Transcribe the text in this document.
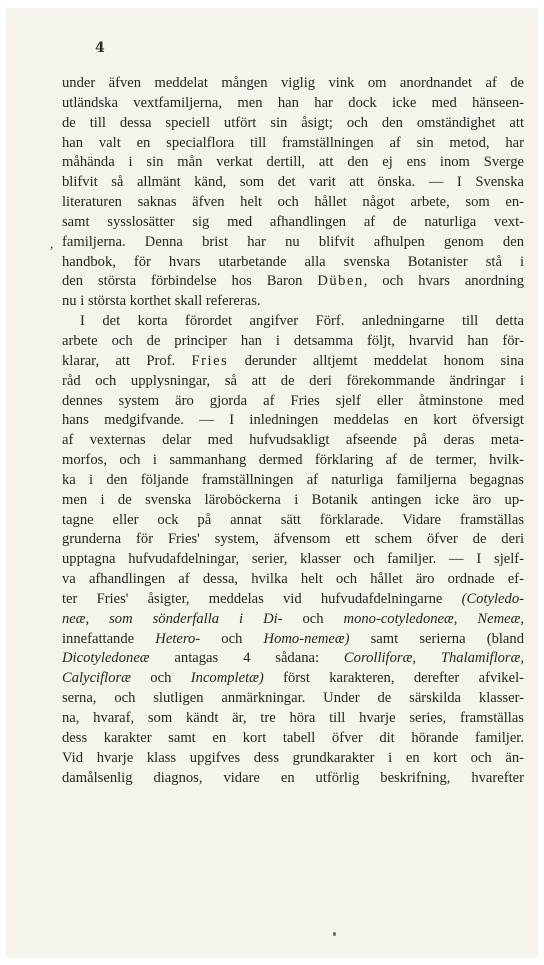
4
,
under äfven meddelat mången viglig vink om anordnandet af de
utländska vextfamiljerna, men han har dock icke med hänseen-
de till dessa speciell utfört sin åsigt; och den omständighet att
han valt en specialflora till framställningen af sin metod, har
måhända i sin mån verkat dertill, att den ej ens inom Sverge
blifvit så allmänt känd, som det varit att önska. — I Svenska
literaturen saknas äfven helt och hållet något arbete, som en-
samt sysslosätter sig med afhandlingen af de naturliga vext-
familjerna. Denna brist har nu blifvit afhulpen genom den
handbok, för hvars utarbetande alla svenska Botanister stå i
den största förbindelse hos Baron Düben, och hvars anordning
nu i största korthet skall refereras.
I det korta förordet angifver Förf. anledningarne till detta
arbete och de principer han i detsamma följt, hvarvid han för-
klarar, att Prof. Fries derunder alltjemt meddelat honom sina
råd och upplysningar, så att de deri förekommande ändringar i
dennes system äro gjorda af Fries sjelf eller åtminstone med
hans medgifvande. — I inledningen meddelas en kort öfversigt
af vexternas delar med hufvudsakligt afseende på deras meta-
morfos, och i sammanhang dermed förklaring af de termer, hvilk-
ka i den följande framställningen af naturliga familjerna begagnas
men i de svenska läroböckerna i Botanik antingen icke äro up-
tagne eller ock på annat sätt förklarade. Vidare framställas
grunderna för Fries' system, äfvensom ett schem öfver de deri
upptagna hufvudafdelningar, serier, klasser och familjer. — I sjelf-
va afhandlingen af dessa, hvilka helt och hållet äro ordnade ef-
ter Fries' åsigter, meddelas vid hufvudafdelningarne (Cotyledo-
neæ, som sönderfalla i Di- och mono-cotyledoneæ, Nemeæ,
innefattande Hetero- och Homo-nemeæ) samt serierna (bland
Dicotyledoneæ antagas 4 sådana: Corolliforæ, Thalamifloræ,
Calycifloræ och Incompletæ) först karakteren, derefter afvikel-
serna, och slutligen anmärkningar. Under de särskilda klasser-
na, hvaraf, som kändt är, tre höra till hvarje series, framställas
dess karakter samt en kort tabell öfver dit hörande familjer.
Vid hvarje klass upgifves dess grundkarakter i en kort och än-
damålsenlig diagnos, vidare en utförlig beskrifning, hvarefter
